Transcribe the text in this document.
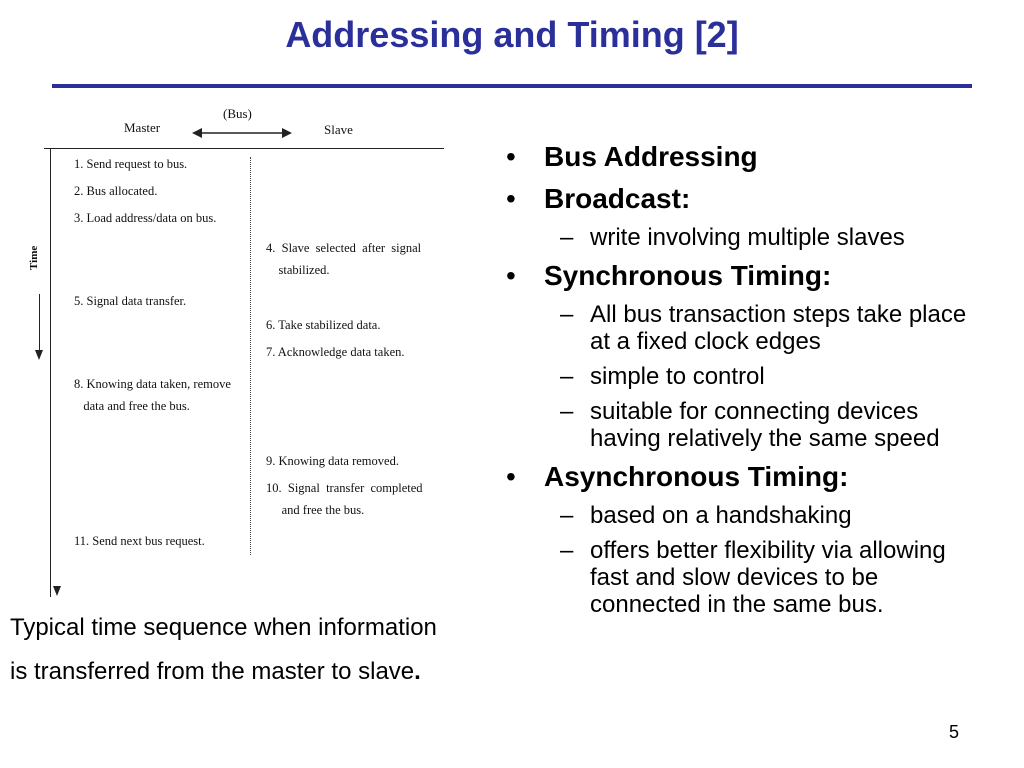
Addressing and Timing [2]
Master
(Bus)
Slave
Time
1. Send request to bus.
2. Bus allocated.
3. Load address/data on bus.
5. Signal data transfer.
8. Knowing data taken, remove
data and free the bus.
11. Send next bus request.
4.  Slave  selected  after  signal
stabilized.
6. Take stabilized data.
7. Acknowledge data taken.
9. Knowing data removed.
10.  Signal  transfer  completed
and free the bus.
Typical time sequence when information
is transferred from the master to slave.
• Bus Addressing
• Broadcast:
– write involving multiple slaves
• Synchronous Timing:
– All bus transaction steps take place at a fixed clock edges
– simple to control
– suitable for connecting devices having relatively the same speed
• Asynchronous Timing:
– based on a handshaking
– offers better flexibility via allowing fast and slow devices to be connected in the same bus.
5
